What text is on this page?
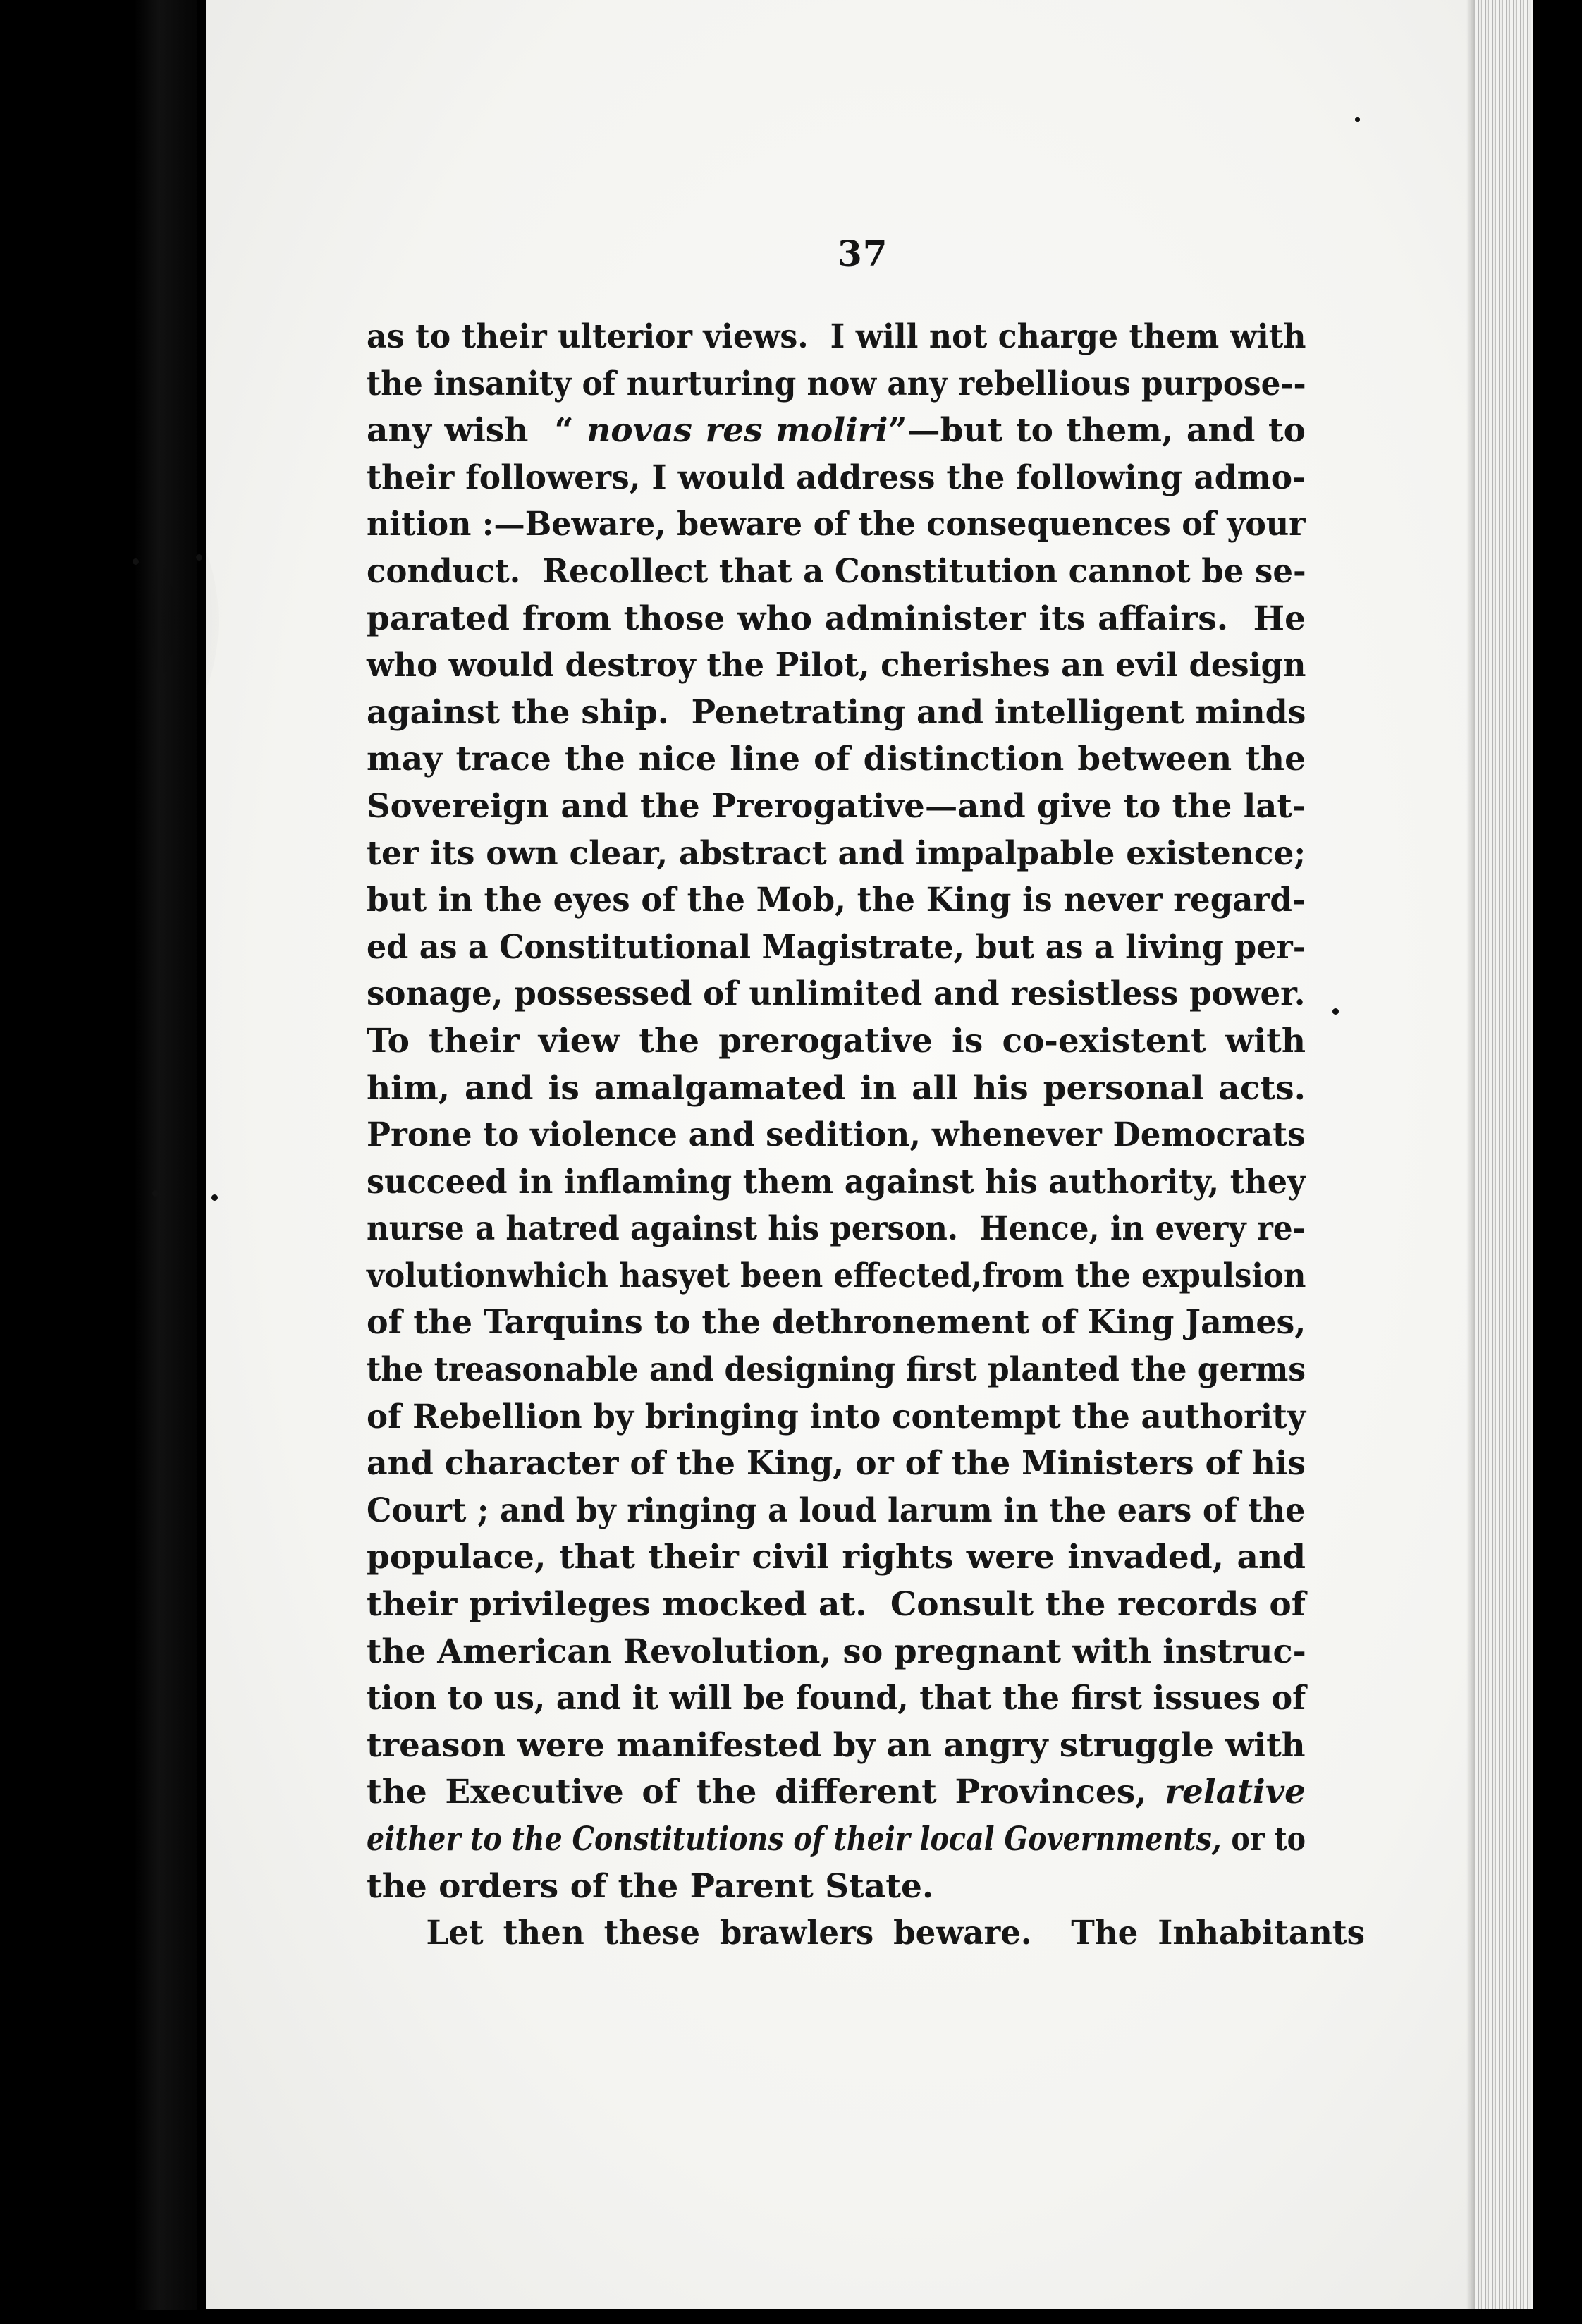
37
as to their ulterior views.  I will not charge them with
the insanity of nurturing now any rebellious purpose--
any wish  “ novas res moliri”—but to them, and to
their followers, I would address the following admo-
nition :—Beware, beware of the consequences of your
conduct.  Recollect that a Constitution cannot be se-
parated from those who administer its affairs.  He
who would destroy the Pilot, cherishes an evil design
against the ship.  Penetrating and intelligent minds
may trace the nice line of distinction between the
Sovereign and the Prerogative—and give to the lat-
ter its own clear, abstract and impalpable existence;
but in the eyes of the Mob, the King is never regard-
ed as a Constitutional Magistrate, but as a living per-
sonage, possessed of unlimited and resistless power.
To their view the prerogative is co-existent with
him, and is amalgamated in all his personal acts.
Prone to violence and sedition, whenever Democrats
succeed in inflaming them against his authority, they
nurse a hatred against his person.  Hence, in every re-
volutionwhich hasyet been effected,from the expulsion
of the Tarquins to the dethronement of King James,
the treasonable and designing first planted the germs
of Rebellion by bringing into contempt the authority
and character of the King, or of the Ministers of his
Court ; and by ringing a loud larum in the ears of the
populace, that their civil rights were invaded, and
their privileges mocked at.  Consult the records of
the American Revolution, so pregnant with instruc-
tion to us, and it will be found, that the first issues of
treason were manifested by an angry struggle with
the Executive of the different Provinces, relative
either to the Constitutions of their local Governments, or to
the orders of the Parent State.
Let then these brawlers beware.  The Inhabitants
